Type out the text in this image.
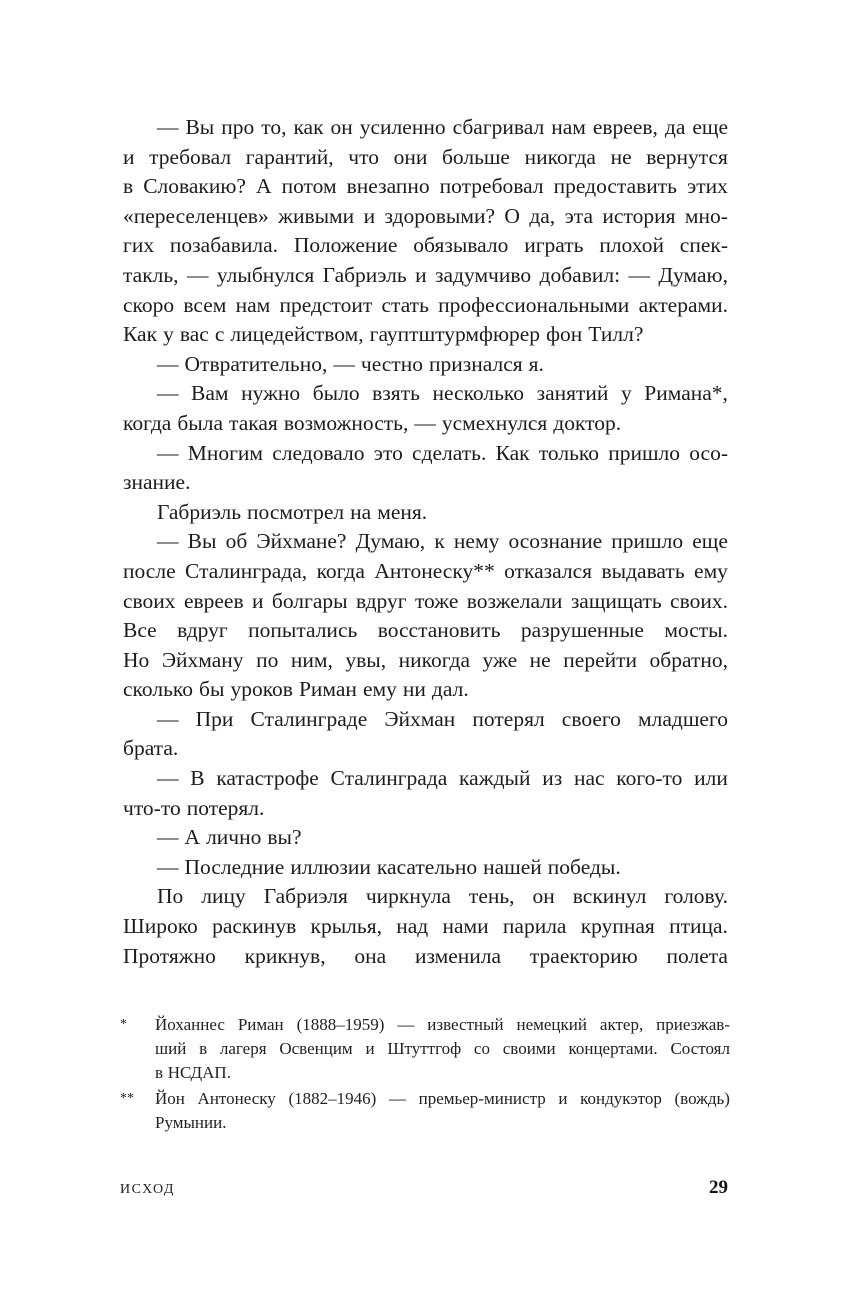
— Вы про то, как он усиленно сбагривал нам евреев, да еще
и требовал гарантий, что они больше никогда не вернутся
в Словакию? А потом внезапно потребовал предоставить этих
«переселенцев» живыми и здоровыми? О да, эта история мно-
гих позабавила. Положение обязывало играть плохой спек-
такль, — улыбнулся Габриэль и задумчиво добавил: — Думаю,
скоро всем нам предстоит стать профессиональными актерами.
Как у вас с лицедейством, гауптштурмфюрер фон Тилл?
— Отвратительно, — честно признался я.
— Вам нужно было взять несколько занятий у Римана*,
когда была такая возможность, — усмехнулся доктор.
— Многим следовало это сделать. Как только пришло осо-
знание.
Габриэль посмотрел на меня.
— Вы об Эйхмане? Думаю, к нему осознание пришло еще
после Сталинграда, когда Антонеску** отказался выдавать ему
своих евреев и болгары вдруг тоже возжелали защищать своих.
Все вдруг попытались восстановить разрушенные мосты.
Но Эйхману по ним, увы, никогда уже не перейти обратно,
сколько бы уроков Риман ему ни дал.
— При Сталинграде Эйхман потерял своего младшего
брата.
— В катастрофе Сталинграда каждый из нас кого-то или
что-то потерял.
— А лично вы?
— Последние иллюзии касательно нашей победы.
По лицу Габриэля чиркнула тень, он вскинул голову.
Широко раскинув крылья, над нами парила крупная птица.
Протяжно крикнув, она изменила траекторию полета
*	Йоханнес Риман (1888–1959) — известный немецкий актер, приезжав-
ший в лагеря Освенцим и Штуттгоф со своими концертами. Состоял
в НСДАП.
**	Йон Антонеску (1882–1946) — премьер-министр и кондукэтор (вождь)
Румынии.
ИСХОД	29
